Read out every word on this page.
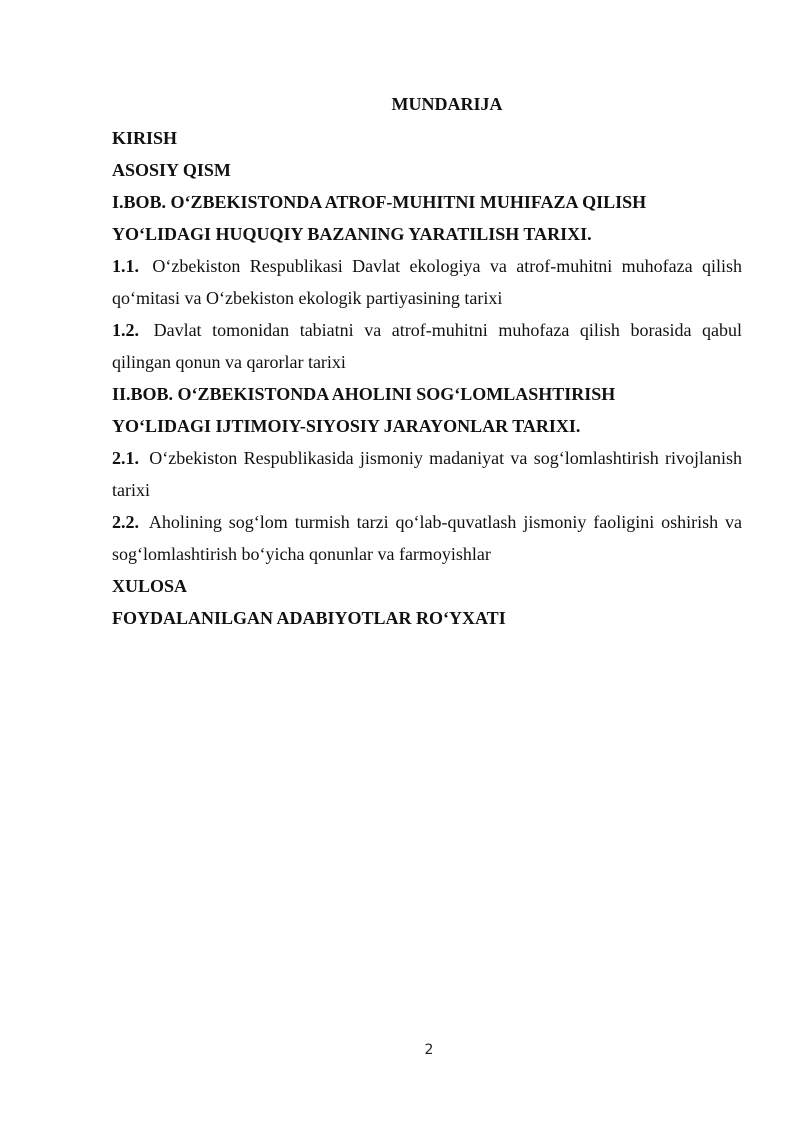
MUNDARIJA

KIRISH

ASOSIY QISM

I.BOB. O‘ZBEKISTONDA ATROF-MUHITNI MUHIFAZA QILISH

YO‘LIDAGI HUQUQIY BAZANING YARATILISH TARIXI.

1.1. O‘zbekiston Respublikasi Davlat ekologiya va atrof-muhitni muhofaza qilish qo‘mitasi va O‘zbekiston ekologik partiyasining tarixi

1.2. Davlat tomonidan tabiatni va atrof-muhitni muhofaza qilish borasida qabul qilingan qonun va qarorlar tarixi

II.BOB. O‘ZBEKISTONDA AHOLINI SOG‘LOMLASHTIRISH

YO‘LIDAGI IJTIMOIY-SIYOSIY JARAYONLAR TARIXI.

2.1. O‘zbekiston Respublikasida jismoniy madaniyat va sog‘lomlashtirish rivojlanish tarixi

2.2. Aholining sog‘lom turmish tarzi qo‘lab-quvatlash jismoniy faoligini oshirish va sog‘lomlashtirish bo‘yicha qonunlar va farmoyishlar

XULOSA

FOYDALANILGAN ADABIYOTLAR RO‘YXATI

2
